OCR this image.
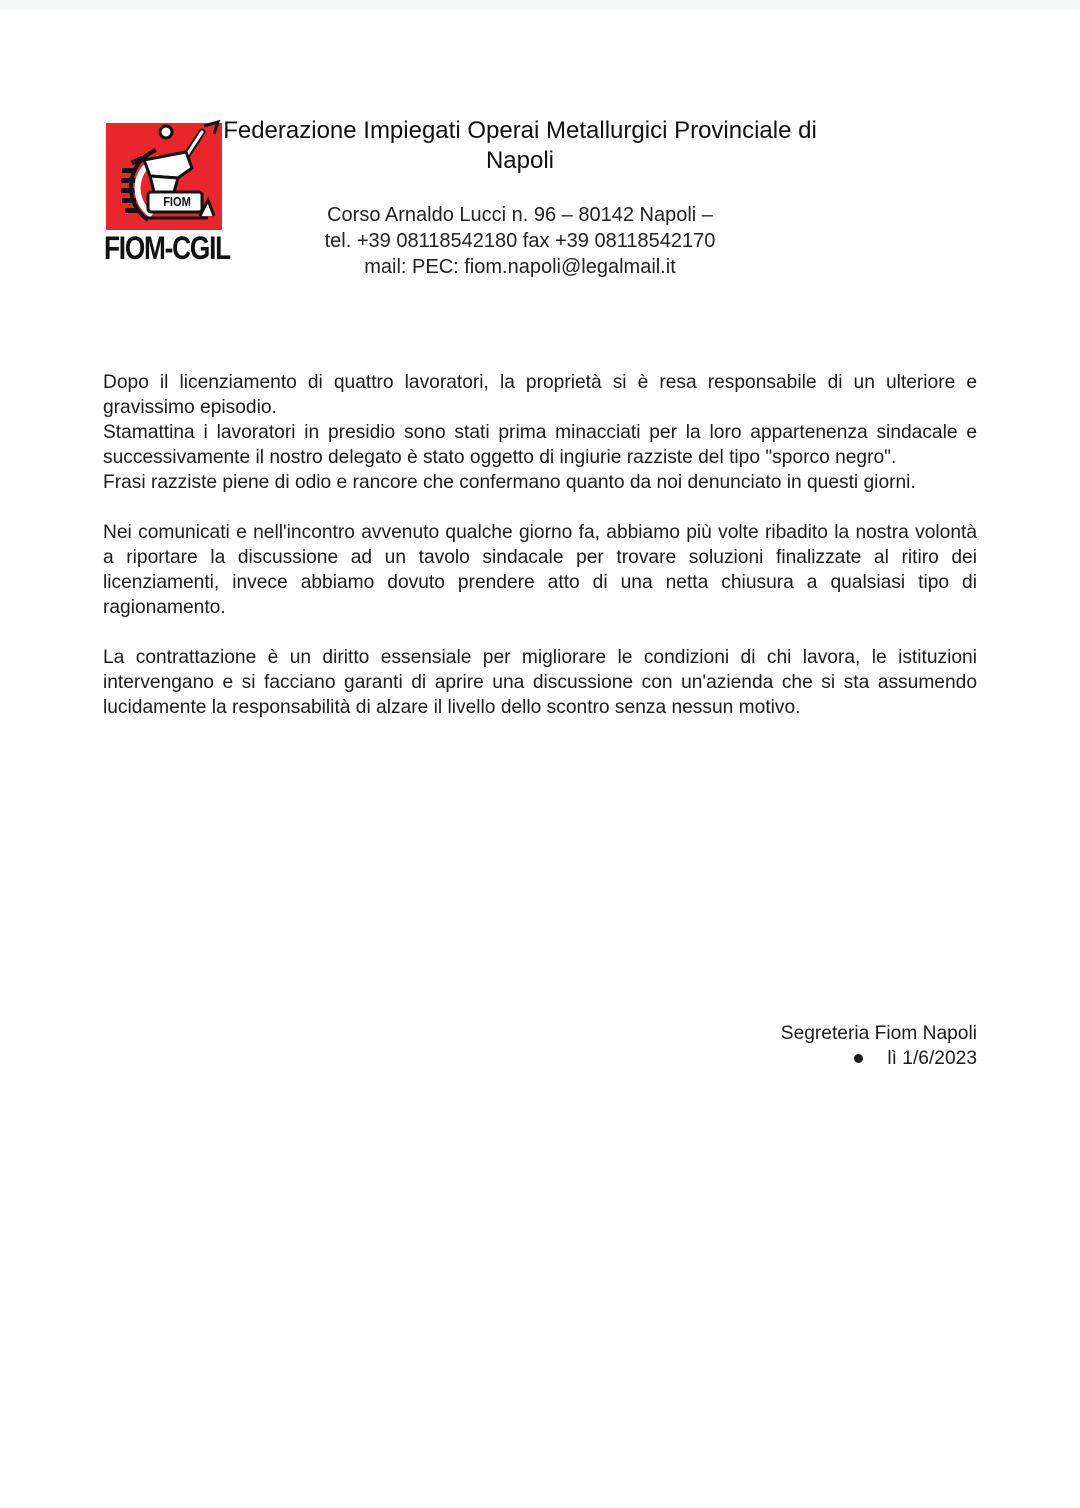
FIOM
FIOM-CGIL
Federazione Impiegati Operai Metallurgici Provinciale di
Napoli
Corso Arnaldo Lucci n. 96 – 80142 Napoli –
tel. +39 08118542180 fax +39 08118542170
mail: PEC: fiom.napoli@legalmail.it

Dopo il licenziamento di quattro lavoratori, la proprietà si è resa responsabile di un ulteriore e gravissimo episodio.

Stamattina i lavoratori in presidio sono stati prima minacciati per la loro appartenenza sindacale e successivamente il nostro delegato è stato oggetto di ingiurie razziste del tipo "sporco negro".

Frasi razziste piene di odio e rancore che confermano quanto da noi denunciato in questi giorni.

Nei comunicati e nell'incontro avvenuto qualche giorno fa, abbiamo più volte ribadito la nostra volontà a riportare la discussione ad un tavolo sindacale per trovare soluzioni finalizzate al ritiro dei licenziamenti, invece abbiamo dovuto prendere atto di una netta chiusura a qualsiasi tipo di ragionamento.

La contrattazione è un diritto essensiale per migliorare le condizioni di chi lavora, le istituzioni intervengano e si facciano garanti di aprire una discussione con un'azienda che si sta assumendo lucidamente la responsabilità di alzare il livello dello scontro senza nessun motivo.

Segreteria Fiom Napoli
lì 1/6/2023
